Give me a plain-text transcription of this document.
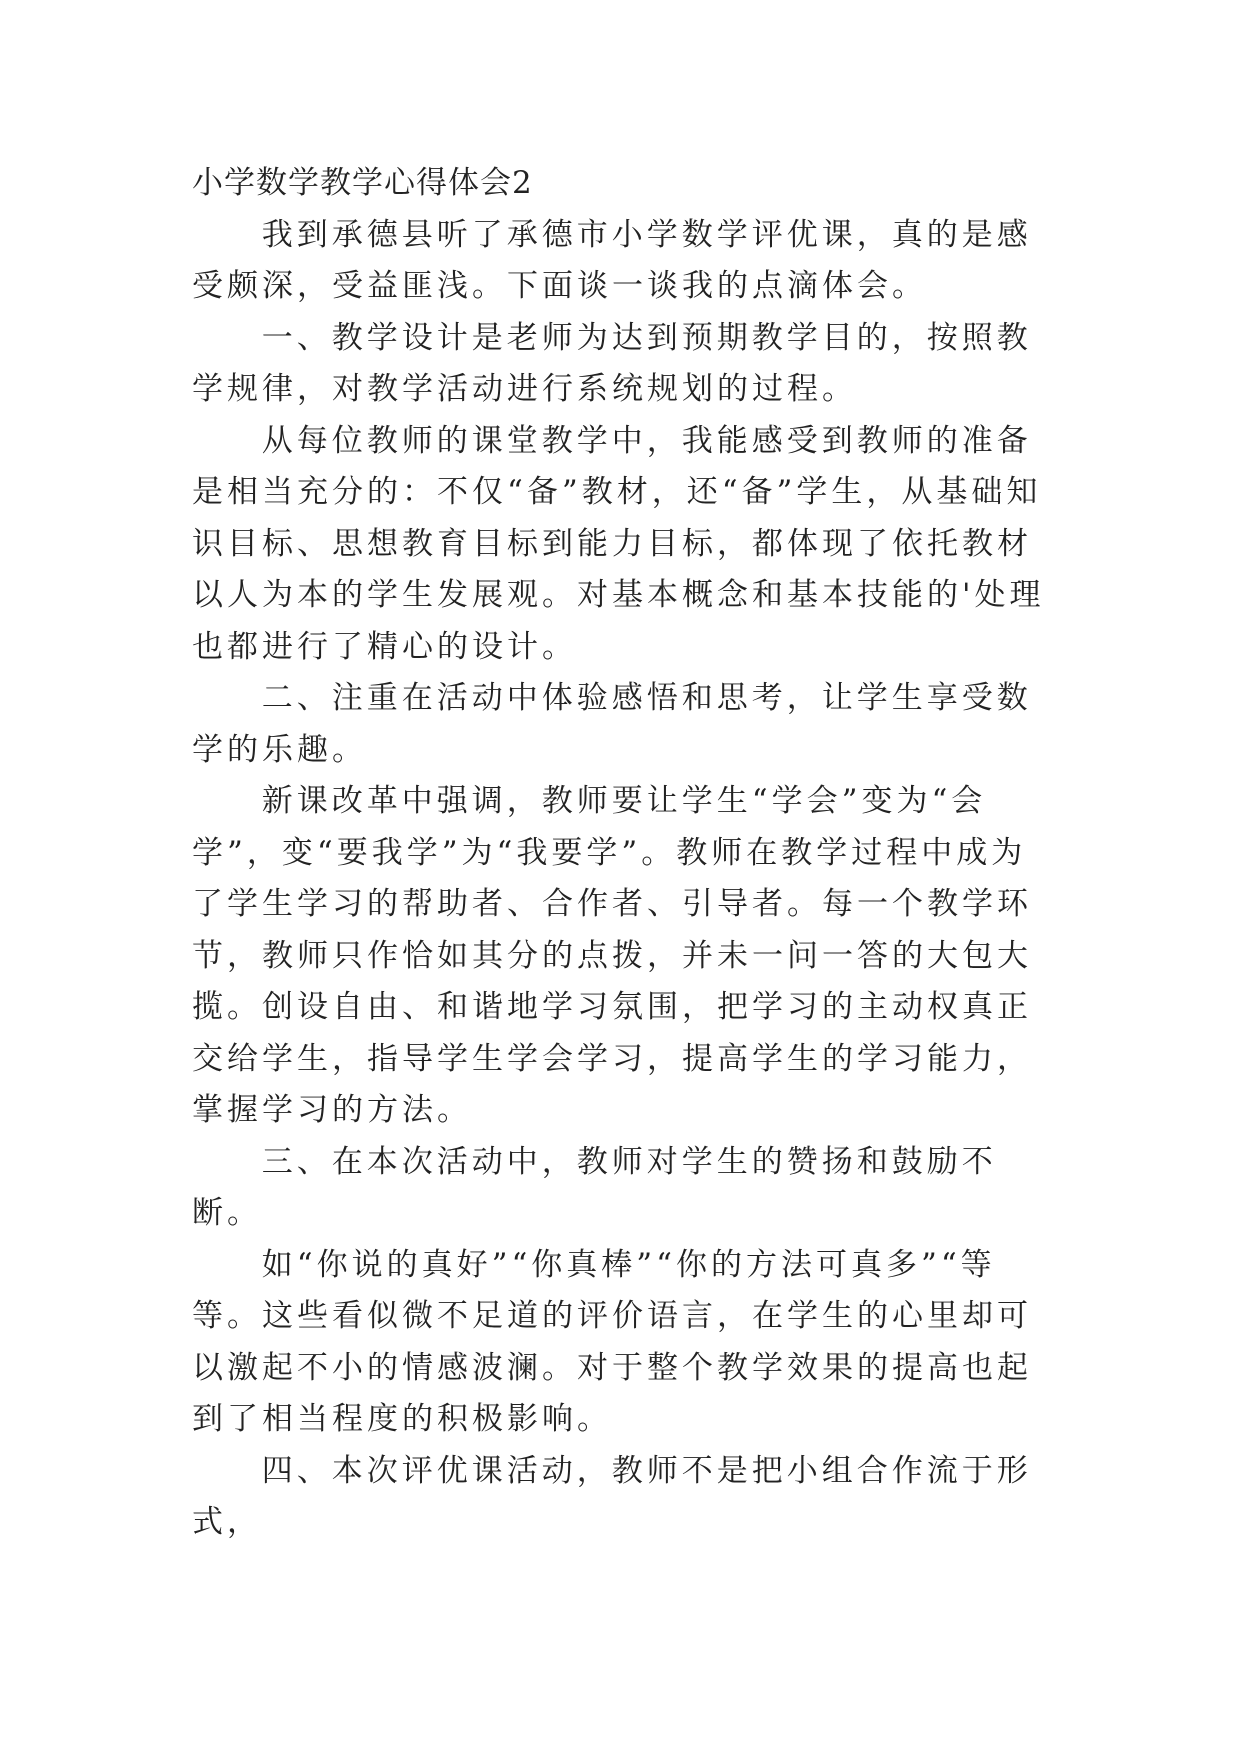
小学数学教学心得体会2

我到承德县听了承德市小学数学评优课，真的是感受颇深，受益匪浅。下面谈一谈我的点滴体会。

一、教学设计是老师为达到预期教学目的，按照教学规律，对教学活动进行系统规划的过程。

从每位教师的课堂教学中，我能感受到教师的准备是相当充分的：不仅“备”教材，还“备”学生，从基础知识目标、思想教育目标到能力目标，都体现了依托教材以人为本的学生发展观。对基本概念和基本技能的'处理也都进行了精心的设计。

二、注重在活动中体验感悟和思考，让学生享受数学的乐趣。

新课改革中强调，教师要让学生“学会”变为“会学”，变“要我学”为“我要学”。教师在教学过程中成为了学生学习的帮助者、合作者、引导者。每一个教学环节，教师只作恰如其分的点拨，并未一问一答的大包大揽。创设自由、和谐地学习氛围，把学习的主动权真正交给学生，指导学生学会学习，提高学生的学习能力，掌握学习的方法。

三、在本次活动中，教师对学生的赞扬和鼓励不断。

如“你说的真好”“你真棒”“你的方法可真多”“等等。这些看似微不足道的评价语言，在学生的心里却可以激起不小的情感波澜。对于整个教学效果的提高也起到了相当程度的积极影响。

四、本次评优课活动，教师不是把小组合作流于形式，
